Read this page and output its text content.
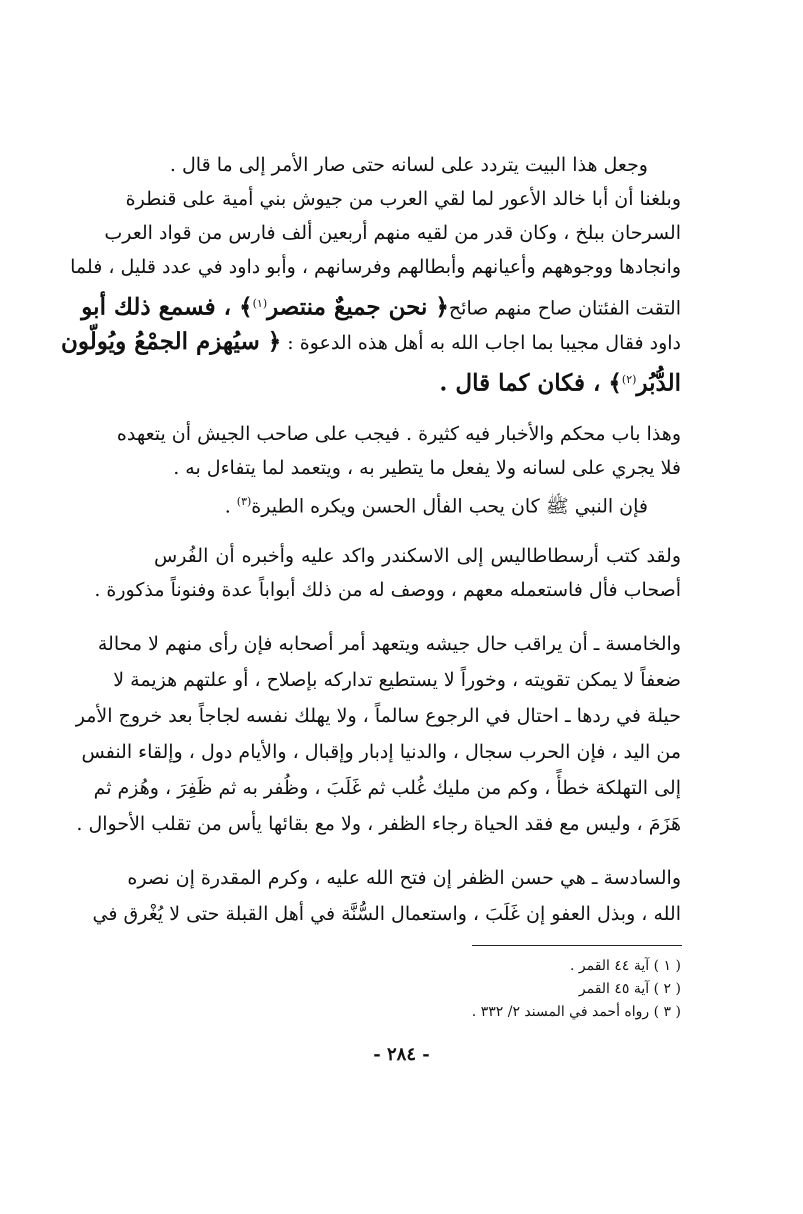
وجعل هذا البيت يتردد على لسانه حتى صار الأمر إلى ما قال .
وبلغنا أن أبا خالد الأعور لما لقي العرب من جيوش بني أمية على قنطرة
السرحان ببلخ ، وكان قدر من لقيه منهم أربعين ألف فارس من قواد العرب
وانجادها ووجوههم وأعيانهم وأبطالهم وفرسانهم ، وأبو داود في عدد قليل ، فلما
التقت الفئتان صاح منهم صائح﴿ نحن جميعٌ منتصر$^{(١)}$﴾ ، فسمع ذلك أبو
داود فقال مجيبا بما اجاب الله به أهل هذه الدعوة : ﴿ سيُهزم الجمْعُ ويُولّون
الدُّبُر$^{(٢)}$﴾ ، فكان كما قال .
وهذا باب محكم والأخبار فيه كثيرة . فيجب على صاحب الجيش أن يتعهده
فلا يجري على لسانه ولا يفعل ما يتطير به ، ويتعمد لما يتفاءل به .
فإن النبي ﷺ كان يحب الفأل الحسن ويكره الطيرة$^{(٣)}$ .
ولقد كتب أرسطاطاليس إلى الاسكندر واكد عليه وأخبره أن الفُرس
أصحاب فأل فاستعمله معهم ، ووصف له من ذلك أبواباً عدة وفنوناً مذكورة .
والخامسة ـ أن يراقب حال جيشه ويتعهد أمر أصحابه فإن رأى منهم لا محالة
ضعفاً لا يمكن تقويته ، وخوراً لا يستطيع تداركه بإصلاح ، أو علتهم هزيمة لا
حيلة في ردها ـ احتال في الرجوع سالماً ، ولا يهلك نفسه لجاجاً بعد خروج الأمر
من اليد ، فإن الحرب سجال ، والدنيا إدبار وإقبال ، والأيام دول ، وإلقاء النفس
إلى التهلكة خطأً ، وكم من مليك غُلب ثم غَلَبَ ، وظُفر به ثم ظَفِرَ ، وهُزم ثم
هَزَمَ ، وليس مع فقد الحياة رجاء الظفر ، ولا مع بقائها يأس من تقلب الأحوال .
والسادسة ـ هي حسن الظفر إن فتح الله عليه ، وكرم المقدرة إن نصره
الله ، وبذل العفو إن غَلَبَ ، واستعمال السُّنَّة في أهل القبلة حتى لا يُغْرق في
( ١ ) آية ٤٤ القمر .
( ٢ ) آية ٤٥ القمر
( ٣ ) رواه أحمد في المسند ٢/ ٣٣٢ .
- ٢٨٤ -
